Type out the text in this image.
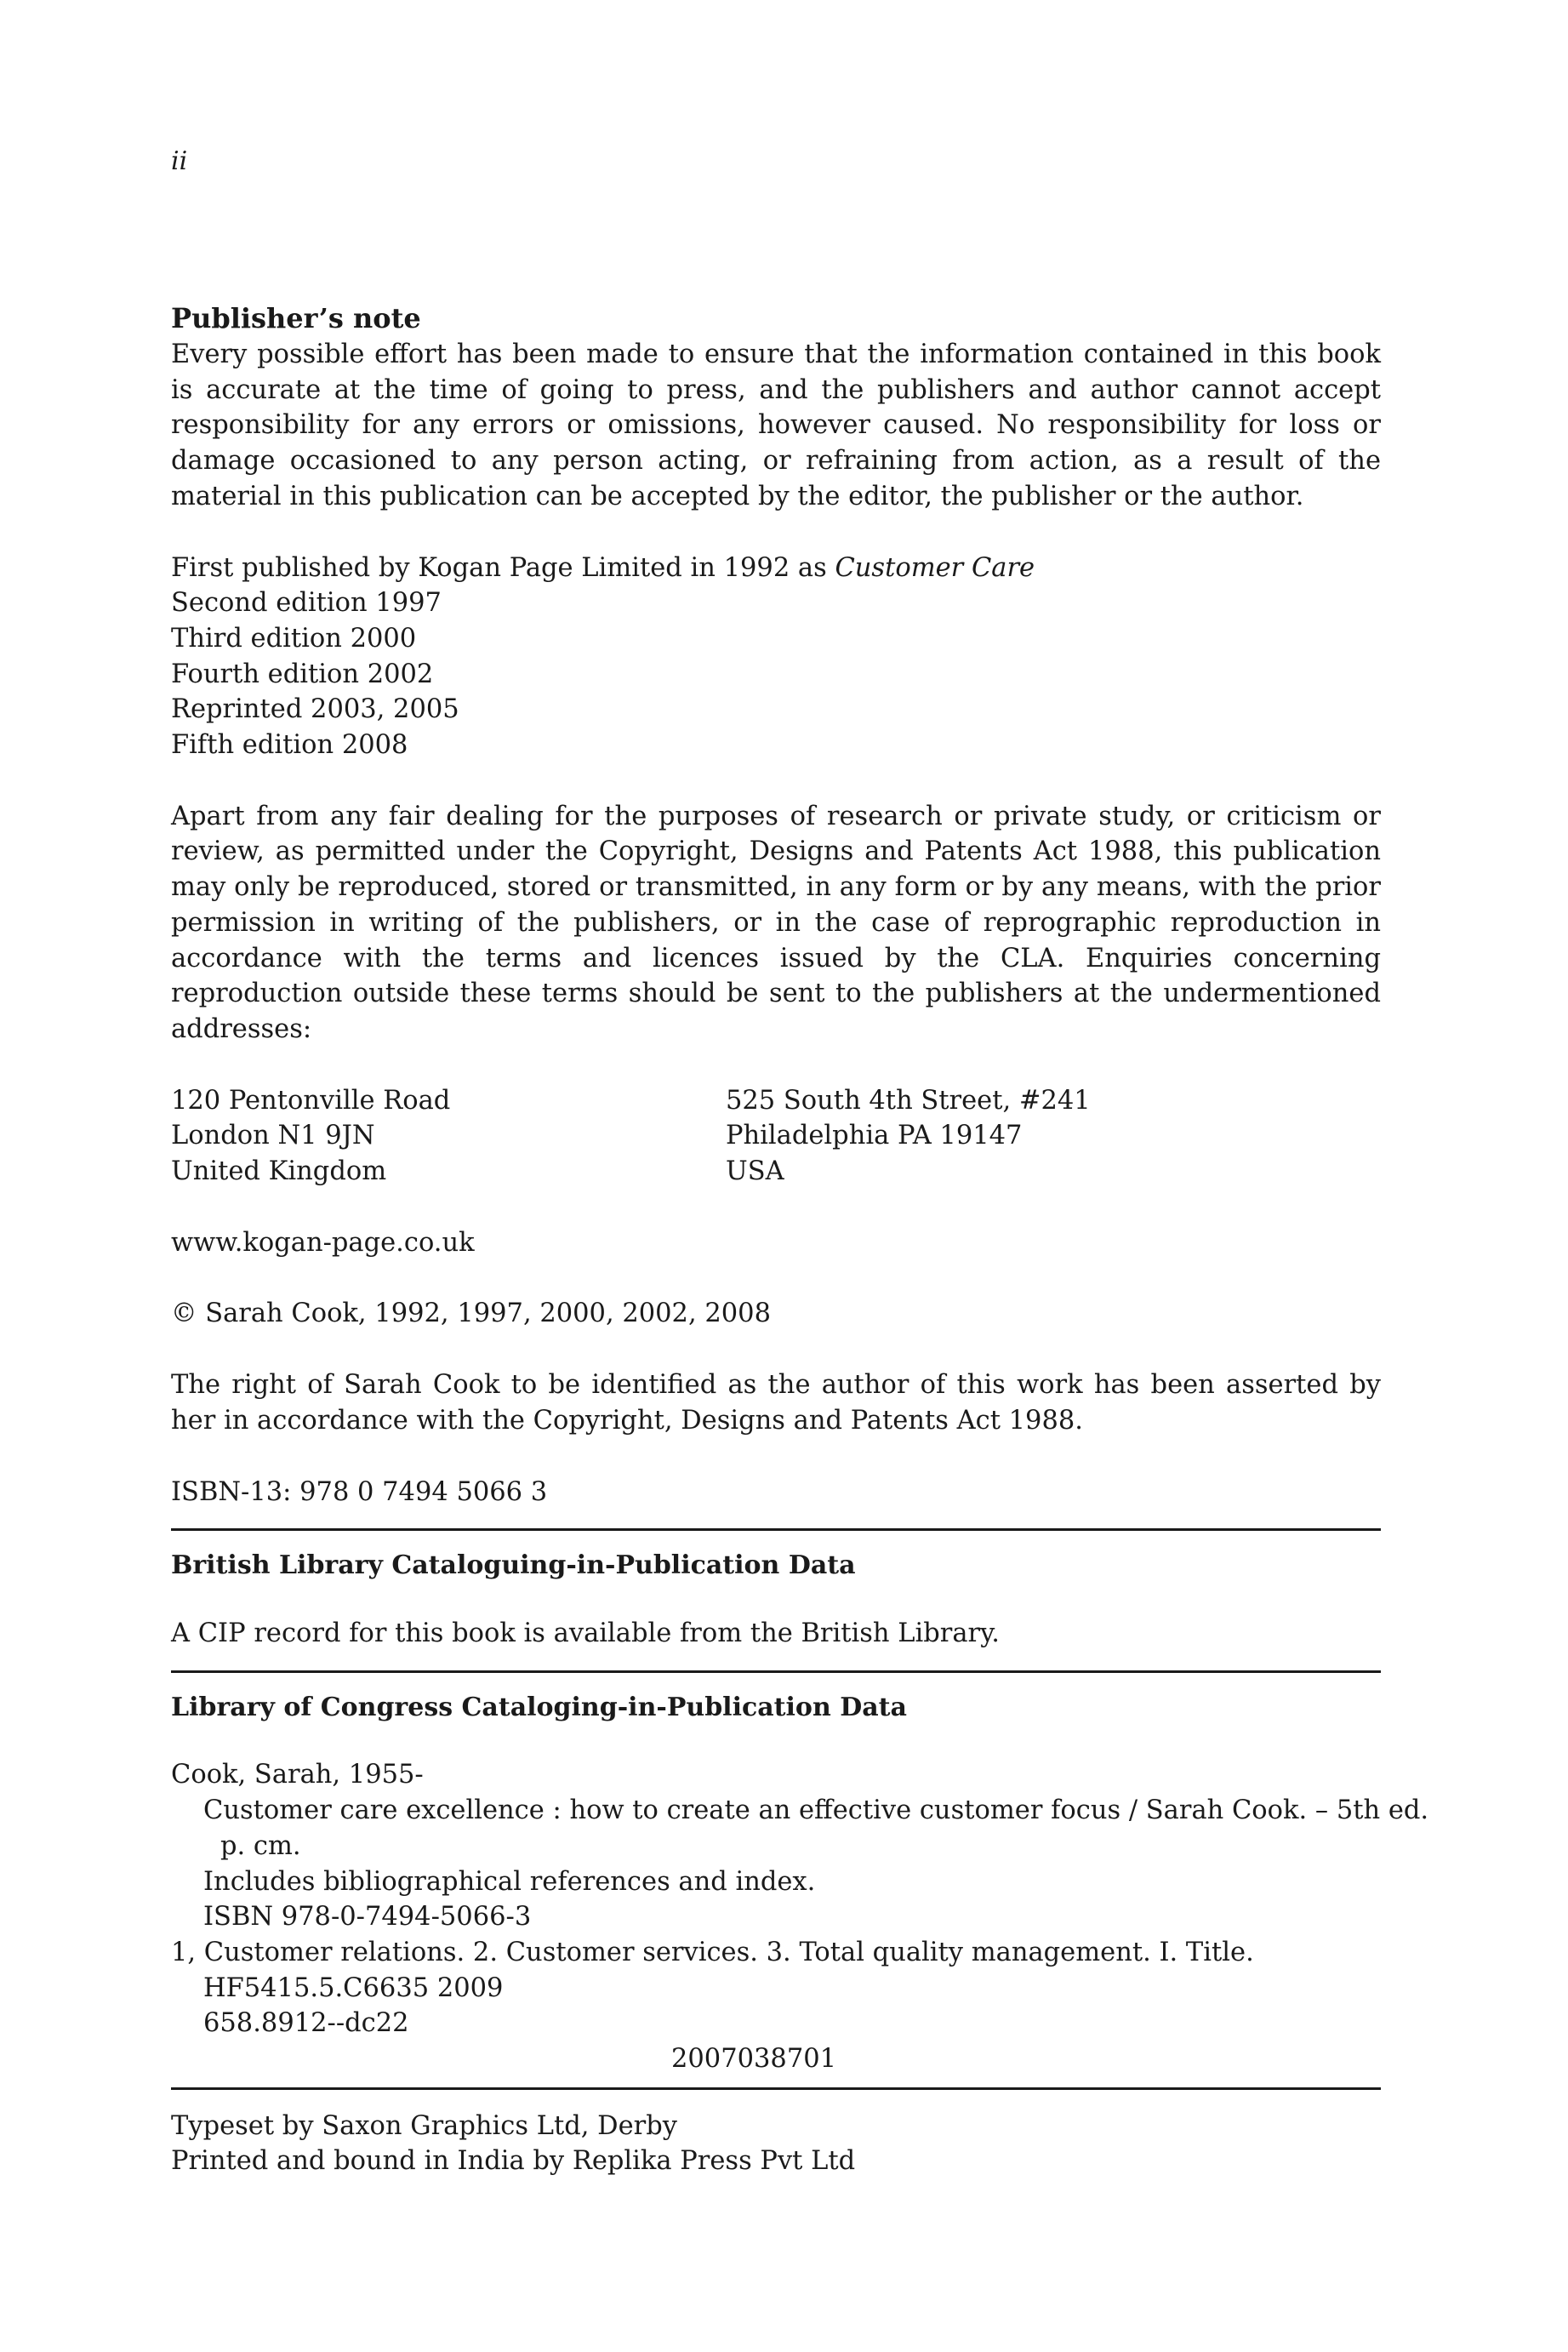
ii
Publisher’s note
Every possible effort has been made to ensure that the information contained in this book is accurate at the time of going to press, and the publishers and author cannot accept responsibility for any errors or omissions, however caused. No responsibility for loss or damage occasioned to any person acting, or refraining from action, as a result of the material in this publication can be accepted by the editor, the publisher or the author.
First published by Kogan Page Limited in 1992 as Customer Care
Second edition 1997
Third edition 2000
Fourth edition 2002
Reprinted 2003, 2005
Fifth edition 2008
Apart from any fair dealing for the purposes of research or private study, or criticism or review, as permitted under the Copyright, Designs and Patents Act 1988, this publication may only be reproduced, stored or transmitted, in any form or by any means, with the prior permission in writing of the publishers, or in the case of reprographic reproduction in accordance with the terms and licences issued by the CLA. Enquiries concerning reproduction outside these terms should be sent to the publishers at the undermentioned addresses:
120 Pentonville Road
London N1 9JN
United Kingdom
525 South 4th Street, #241
Philadelphia PA 19147
USA
www.kogan-page.co.uk
© Sarah Cook, 1992, 1997, 2000, 2002, 2008
The right of Sarah Cook to be identified as the author of this work has been asserted by her in accordance with the Copyright, Designs and Patents Act 1988.
ISBN-13: 978 0 7494 5066 3
British Library Cataloguing-in-Publication Data
A CIP record for this book is available from the British Library.
Library of Congress Cataloging-in-Publication Data
Cook, Sarah, 1955-
Customer care excellence : how to create an effective customer focus / Sarah Cook. – 5th ed.
p. cm.
Includes bibliographical references and index.
ISBN 978-0-7494-5066-3
1, Customer relations. 2. Customer services. 3. Total quality management. I. Title.
HF5415.5.C6635 2009
658.8912--dc22
2007038701
Typeset by Saxon Graphics Ltd, Derby
Printed and bound in India by Replika Press Pvt Ltd
